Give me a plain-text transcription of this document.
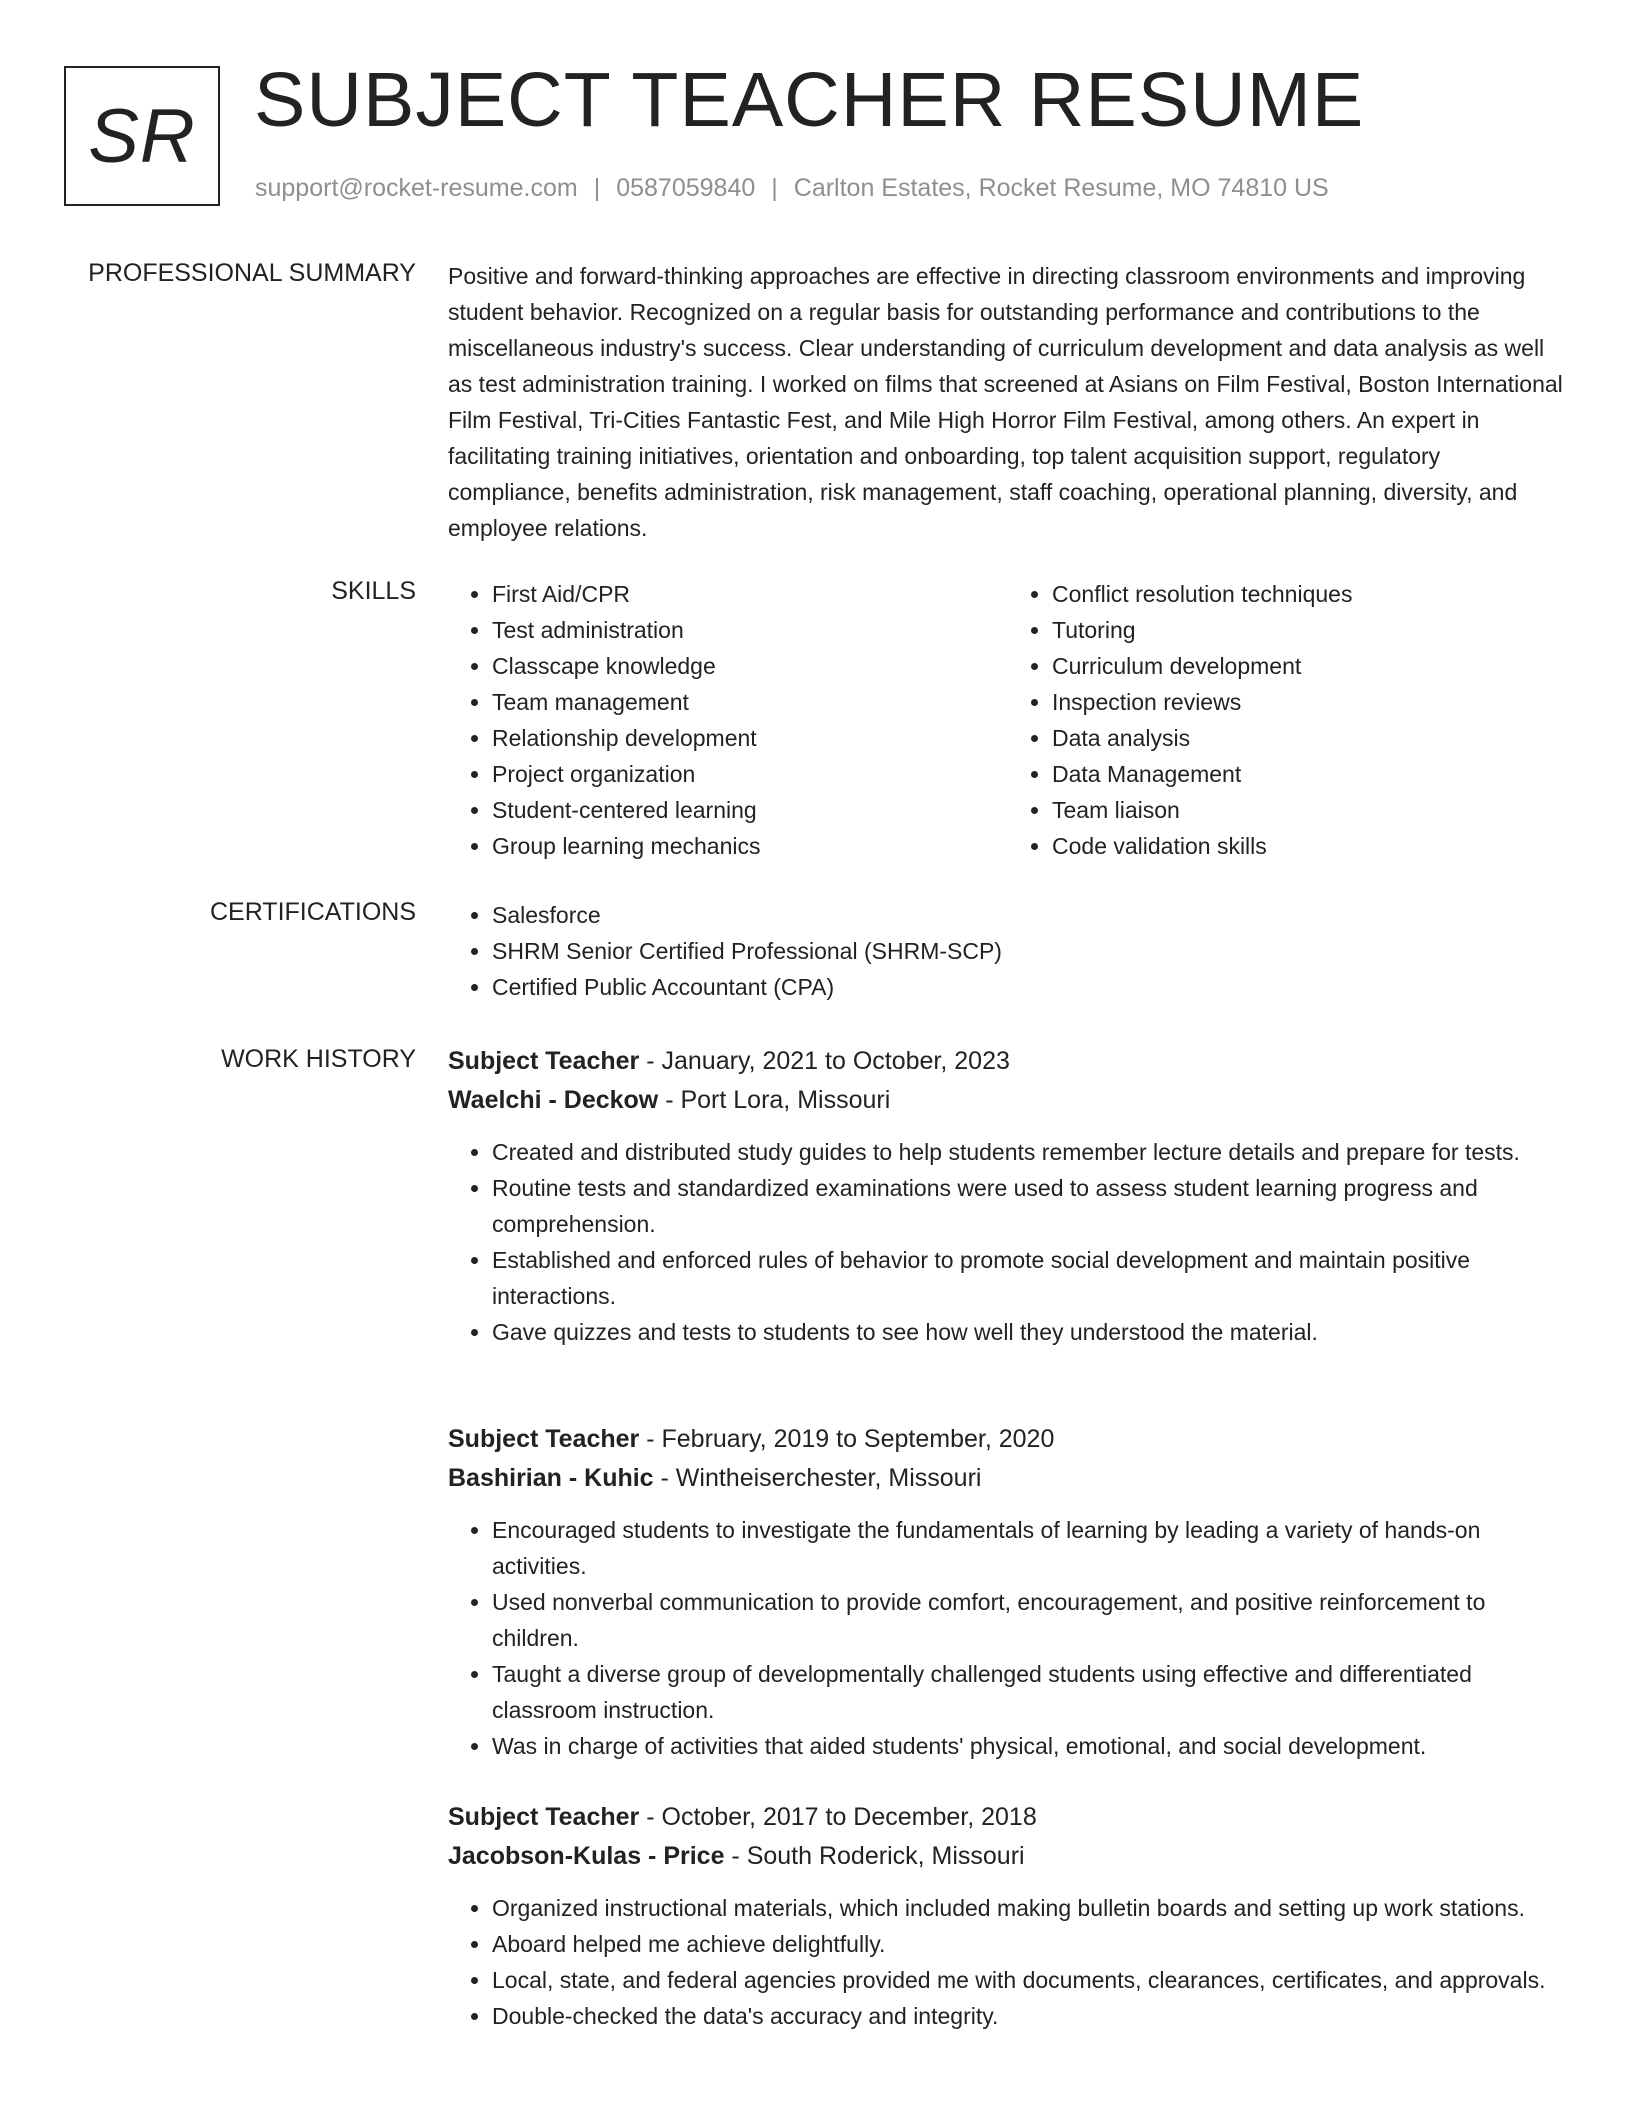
SR SUBJECT TEACHER RESUME
support@rocket-resume.com | 0587059840 | Carlton Estates, Rocket Resume, MO 74810 US
PROFESSIONAL SUMMARY Positive and forward-thinking approaches are effective in directing classroom environments and improving student behavior. Recognized on a regular basis for outstanding performance and contributions to the miscellaneous industry's success. Clear understanding of curriculum development and data analysis as well as test administration training. I worked on films that screened at Asians on Film Festival, Boston International Film Festival, Tri-Cities Fantastic Fest, and Mile High Horror Film Festival, among others. An expert in facilitating training initiatives, orientation and onboarding, top talent acquisition support, regulatory compliance, benefits administration, risk management, staff coaching, operational planning, diversity, and employee relations.
SKILLS	• First Aid/CPR
• Test administration
• Classcape knowledge
• Team management
• Relationship development
• Project organization
• Student-centered learning
• Group learning mechanics
• Conflict resolution techniques
• Tutoring
• Curriculum development
• Inspection reviews
• Data analysis
• Data Management
• Team liaison
• Code validation skills
CERTIFICATIONS	• Salesforce
• SHRM Senior Certified Professional (SHRM-SCP)
• Certified Public Accountant (CPA)
WORK HISTORY Subject Teacher - January, 2021 to October, 2023
Waelchi - Deckow - Port Lora, Missouri
• Created and distributed study guides to help students remember lecture details and prepare for tests.
• Routine tests and standardized examinations were used to assess student learning progress and comprehension.
• Established and enforced rules of behavior to promote social development and maintain positive interactions.
• Gave quizzes and tests to students to see how well they understood the material.
Subject Teacher - February, 2019 to September, 2020
Bashirian - Kuhic - Wintheiserchester, Missouri
• Encouraged students to investigate the fundamentals of learning by leading a variety of hands-on activities.
• Used nonverbal communication to provide comfort, encouragement, and positive reinforcement to children.
• Taught a diverse group of developmentally challenged students using effective and differentiated classroom instruction.
• Was in charge of activities that aided students' physical, emotional, and social development.
Subject Teacher - October, 2017 to December, 2018
Jacobson-Kulas - Price - South Roderick, Missouri
• Organized instructional materials, which included making bulletin boards and setting up work stations.
• Aboard helped me achieve delightfully.
• Local, state, and federal agencies provided me with documents, clearances, certificates, and approvals.
• Double-checked the data's accuracy and integrity.
